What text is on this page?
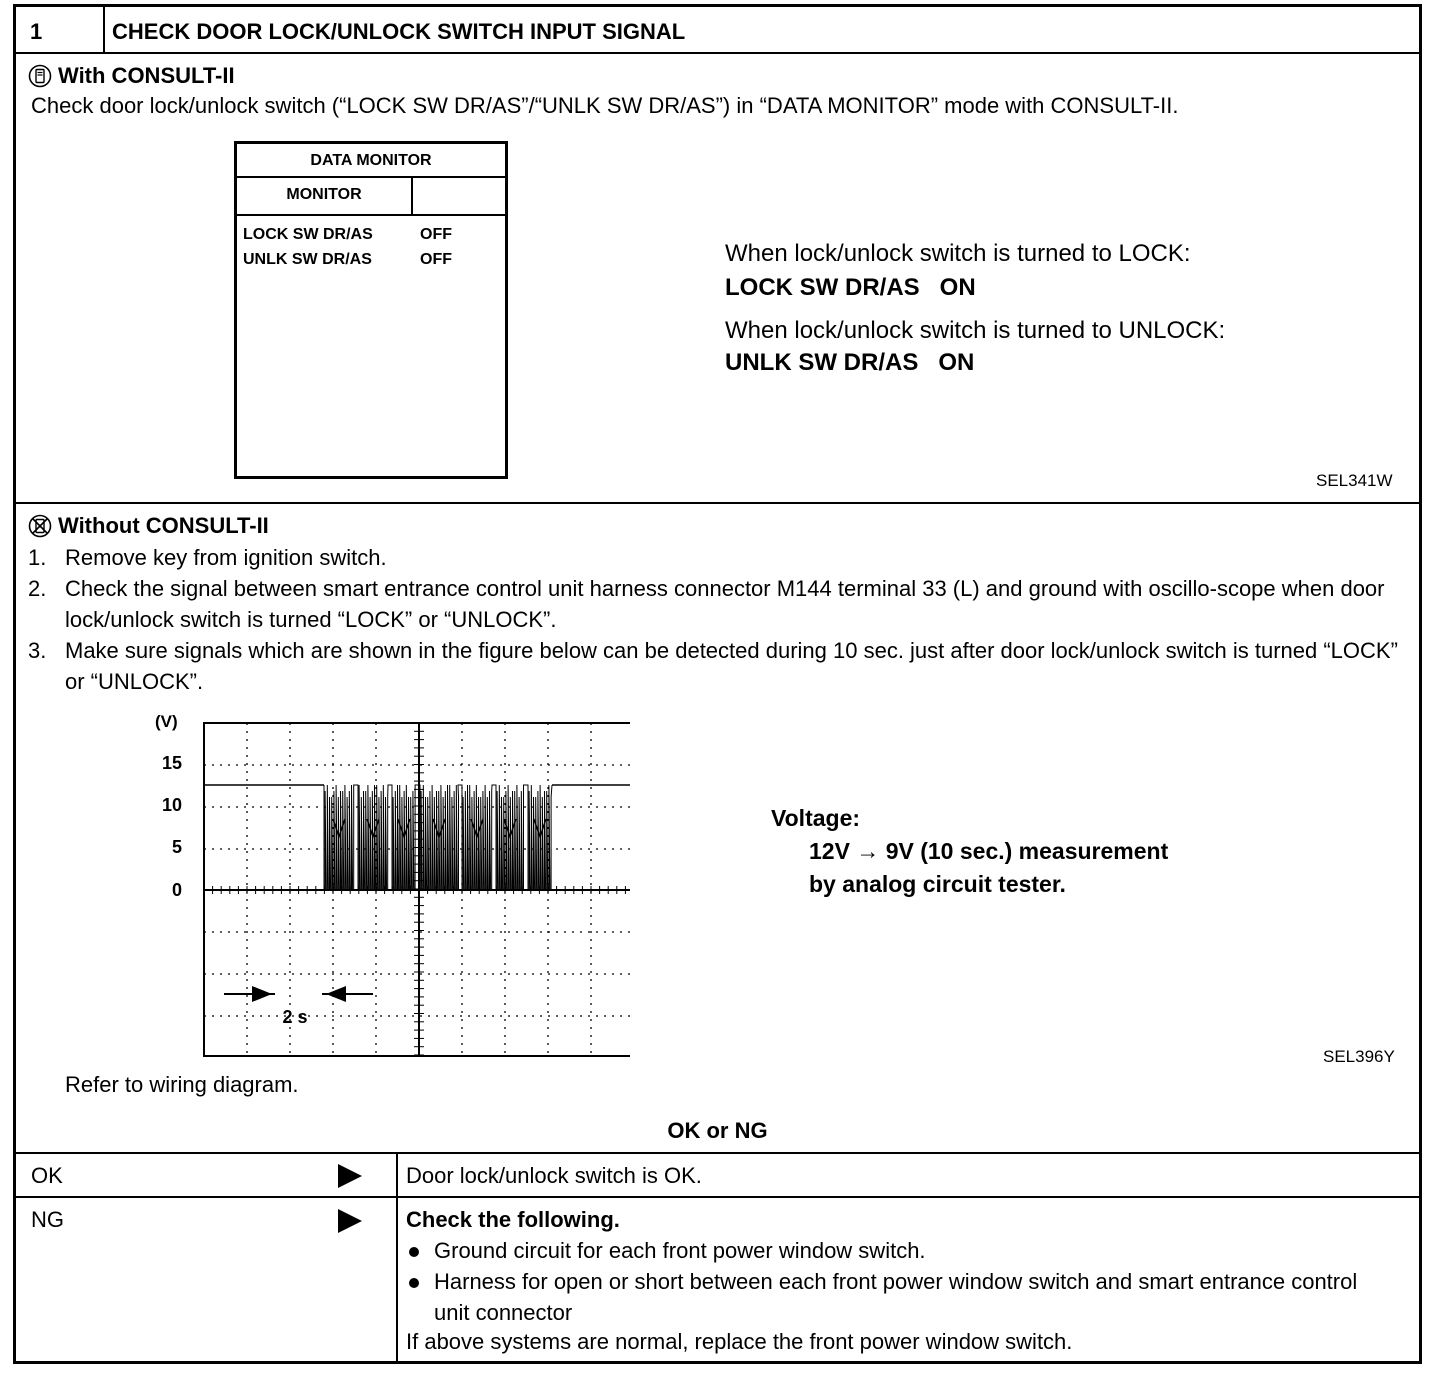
1	CHECK DOOR LOCK/UNLOCK SWITCH INPUT SIGNAL
With CONSULT-II
Check door lock/unlock switch (“LOCK SW DR/AS”/“UNLK SW DR/AS”) in “DATA MONITOR” mode with CONSULT-II.
DATA MONITOR
MONITOR
LOCK SW DR/AS	OFF
UNLK SW DR/AS	OFF	When lock/unlock switch is turned to LOCK:
LOCK SW DR/AS   ON
When lock/unlock switch is turned to UNLOCK:
UNLK SW DR/AS   ON
SEL341W
Without CONSULT-II
1. Remove key from ignition switch.
2. Check the signal between smart entrance control unit harness connector M144 terminal 33 (L) and ground with oscillo-scope when door lock/unlock switch is turned “LOCK” or “UNLOCK”.
3. Make sure signals which are shown in the figure below can be detected during 10 sec. just after door lock/unlock switch is turned “LOCK” or “UNLOCK”.
(V)
15
10
5
0
2 s
Voltage:
12V → 9V (10 sec.) measurement
by analog circuit tester.
SEL396Y
Refer to wiring diagram.
OK or NG
OK	Door lock/unlock switch is OK.
NG	Check the following.
Ground circuit for each front power window switch.
Harness for open or short between each front power window switch and smart entrance control unit connector
If above systems are normal, replace the front power window switch.
